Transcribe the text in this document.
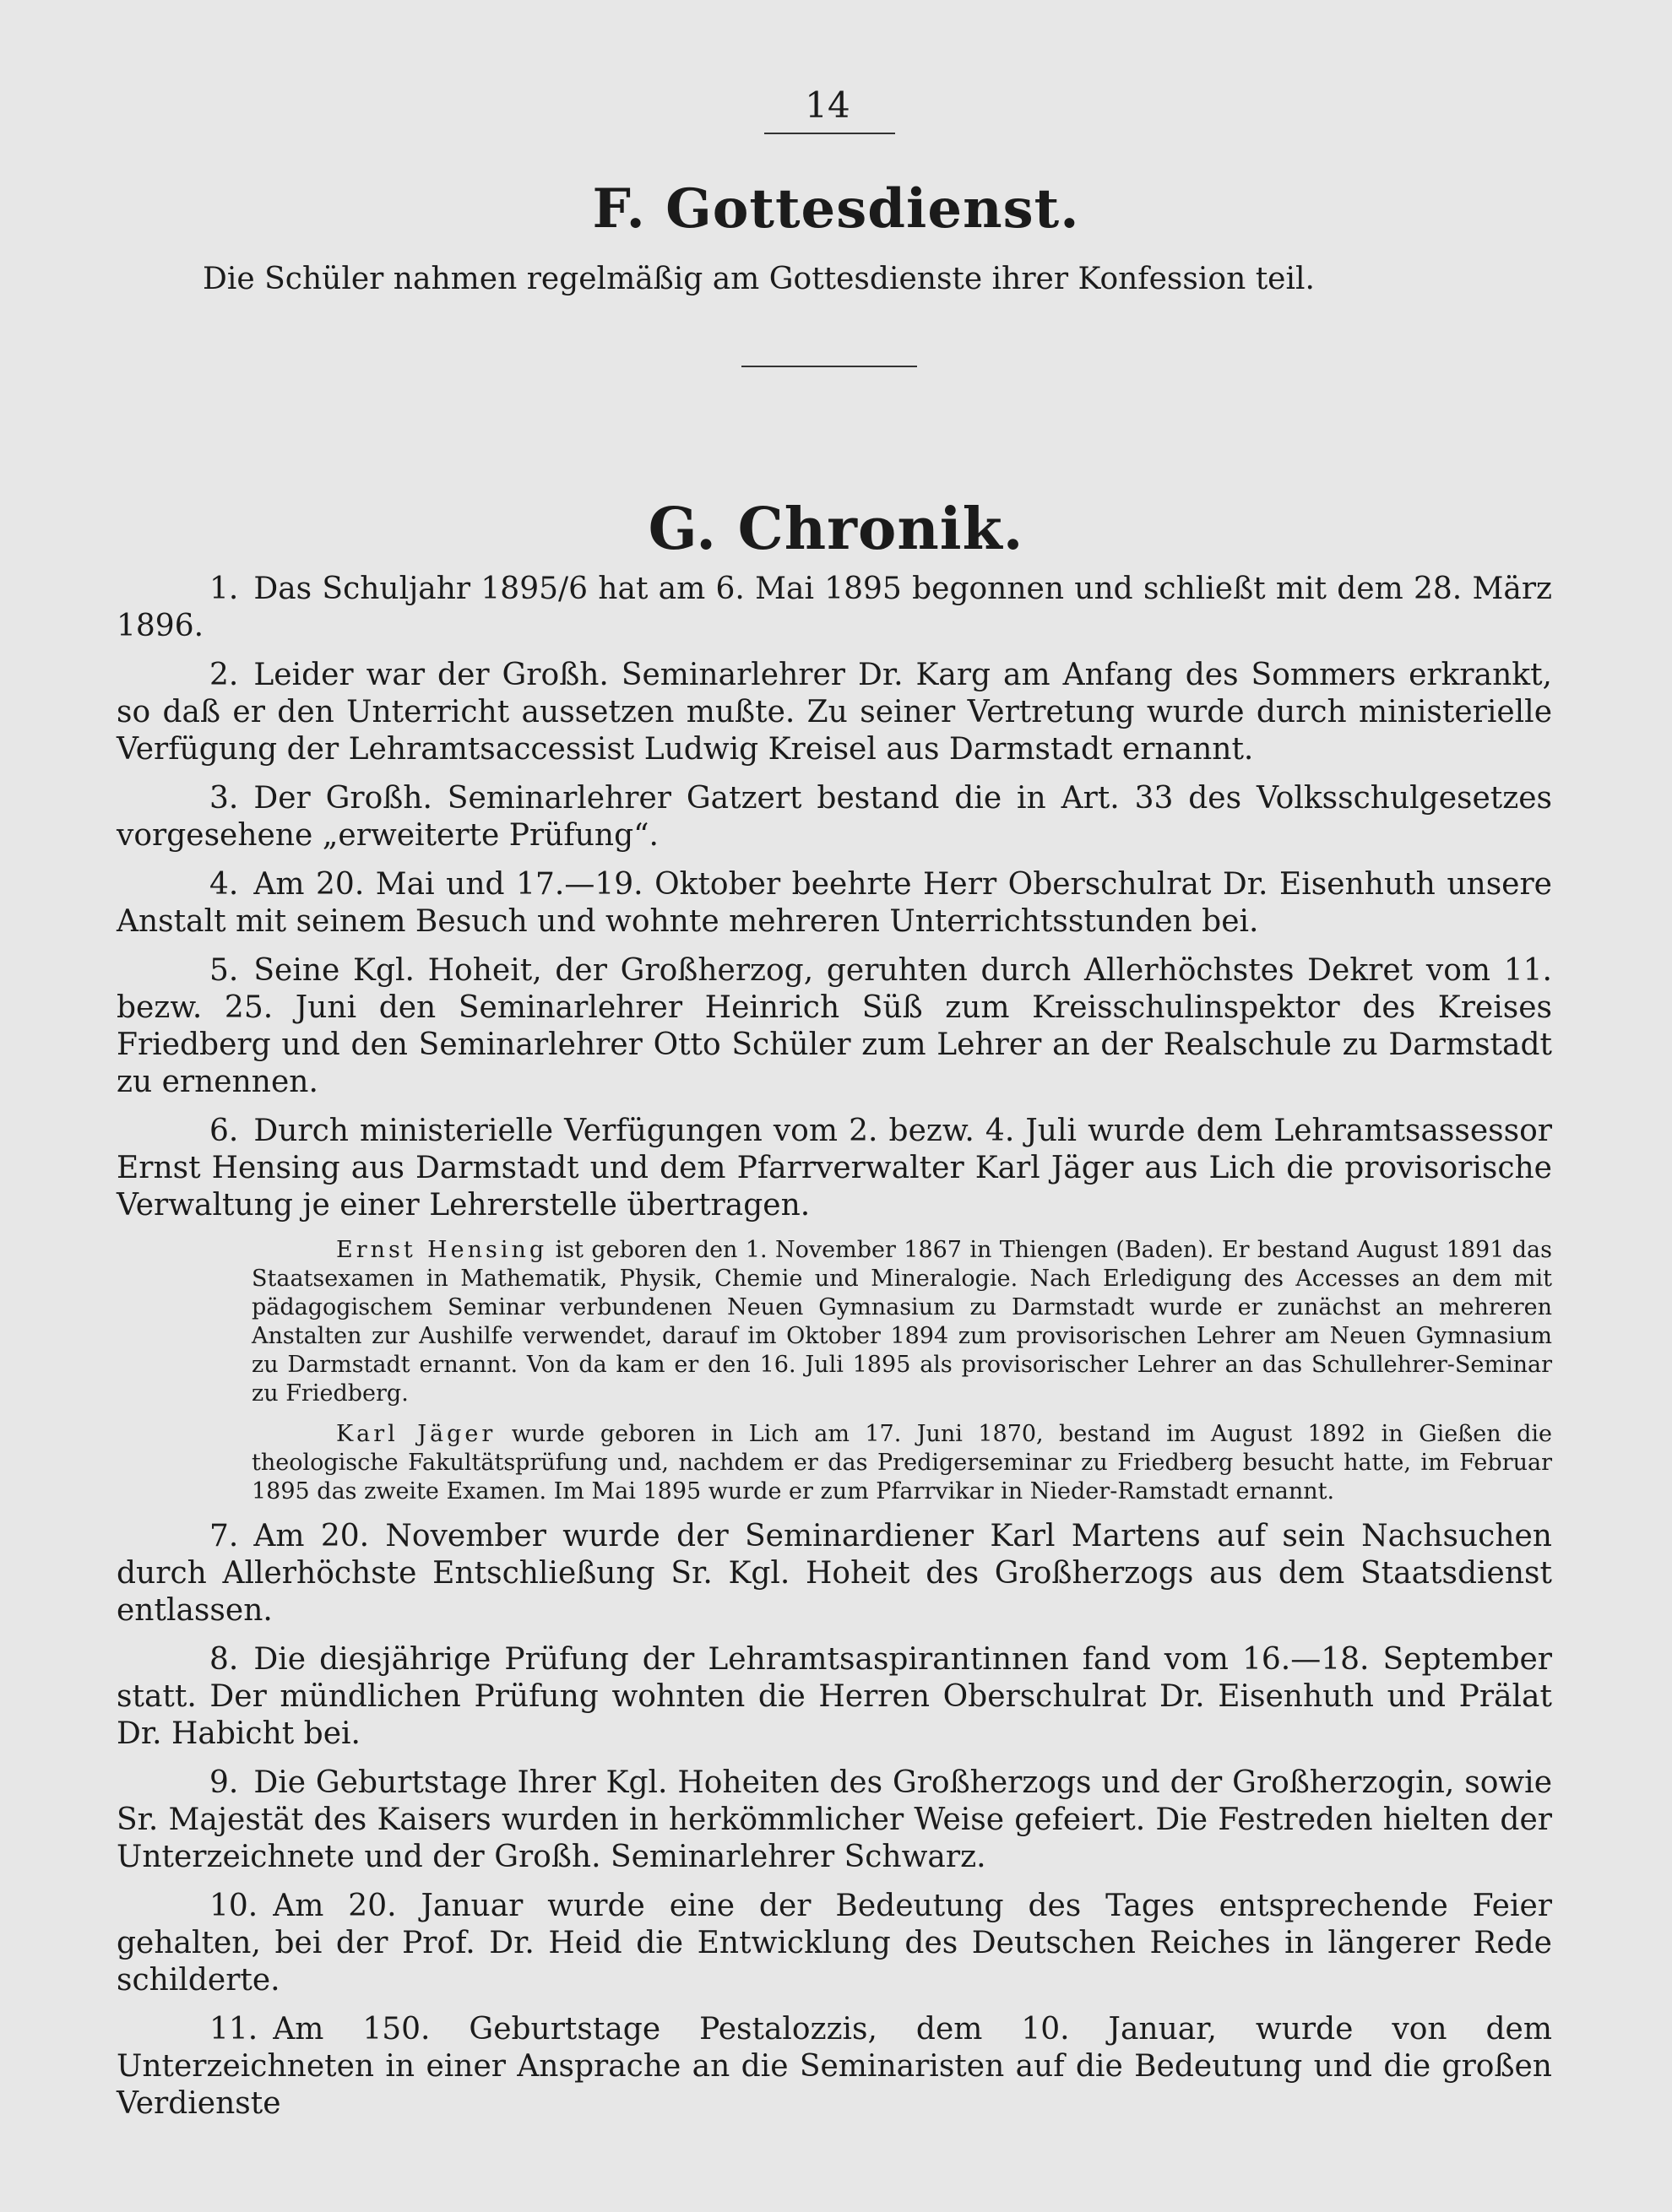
14
F. Gottesdienst.
Die Schüler nahmen regelmäßig am Gottesdienste ihrer Konfession teil.
G. Chronik.

1. Das Schuljahr 1895/6 hat am 6. Mai 1895 begonnen und schließt mit dem 28. März 1896.

2. Leider war der Großh. Seminarlehrer Dr. Karg am Anfang des Sommers erkrankt, so daß er den Unterricht aussetzen mußte. Zu seiner Vertretung wurde durch ministerielle Verfügung der Lehramtsaccessist Ludwig Kreisel aus Darmstadt ernannt.

3. Der Großh. Seminarlehrer Gatzert bestand die in Art. 33 des Volksschulgesetzes vorgesehene „erweiterte Prüfung“.

4. Am 20. Mai und 17.—19. Oktober beehrte Herr Oberschulrat Dr. Eisenhuth unsere Anstalt mit seinem Besuch und wohnte mehreren Unterrichtsstunden bei.

5. Seine Kgl. Hoheit, der Großherzog, geruhten durch Allerhöchstes Dekret vom 11. bezw. 25. Juni den Seminarlehrer Heinrich Süß zum Kreisschulinspektor des Kreises Friedberg und den Seminarlehrer Otto Schüler zum Lehrer an der Realschule zu Darmstadt zu ernennen.

6. Durch ministerielle Verfügungen vom 2. bezw. 4. Juli wurde dem Lehramtsassessor Ernst Hensing aus Darmstadt und dem Pfarrverwalter Karl Jäger aus Lich die provisorische Verwaltung je einer Lehrerstelle übertragen.

Ernst Hensing ist geboren den 1. November 1867 in Thiengen (Baden). Er bestand August 1891 das Staatsexamen in Mathematik, Physik, Chemie und Mineralogie. Nach Erledigung des Accesses an dem mit pädagogischem Seminar verbundenen Neuen Gymnasium zu Darmstadt wurde er zunächst an mehreren Anstalten zur Aushilfe verwendet, darauf im Oktober 1894 zum provisorischen Lehrer am Neuen Gymnasium zu Darmstadt ernannt. Von da kam er den 16. Juli 1895 als provisorischer Lehrer an das Schullehrer-Seminar zu Friedberg.

Karl Jäger wurde geboren in Lich am 17. Juni 1870, bestand im August 1892 in Gießen die theologische Fakultätsprüfung und, nachdem er das Predigerseminar zu Friedberg besucht hatte, im Februar 1895 das zweite Examen. Im Mai 1895 wurde er zum Pfarrvikar in Nieder-Ramstadt ernannt.

7. Am 20. November wurde der Seminardiener Karl Martens auf sein Nachsuchen durch Allerhöchste Entschließung Sr. Kgl. Hoheit des Großherzogs aus dem Staatsdienst entlassen.

8. Die diesjährige Prüfung der Lehramtsaspirantinnen fand vom 16.—18. September statt. Der mündlichen Prüfung wohnten die Herren Oberschulrat Dr. Eisenhuth und Prälat Dr. Habicht bei.

9. Die Geburtstage Ihrer Kgl. Hoheiten des Großherzogs und der Großherzogin, sowie Sr. Majestät des Kaisers wurden in herkömmlicher Weise gefeiert. Die Festreden hielten der Unterzeichnete und der Großh. Seminarlehrer Schwarz.

10. Am 20. Januar wurde eine der Bedeutung des Tages entsprechende Feier gehalten, bei der Prof. Dr. Heid die Entwicklung des Deutschen Reiches in längerer Rede schilderte.

11. Am 150. Geburtstage Pestalozzis, dem 10. Januar, wurde von dem Unterzeichneten in einer Ansprache an die Seminaristen auf die Bedeutung und die großen Verdienste
